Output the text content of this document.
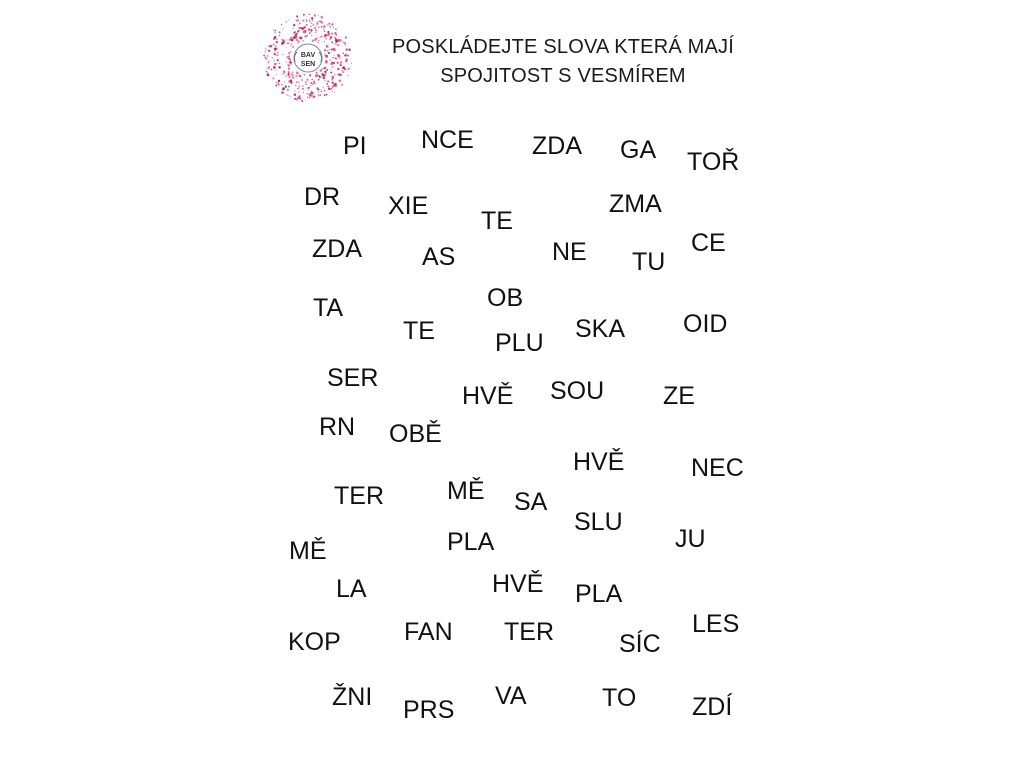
BAV
SEN
POSKLÁDEJTE SLOVA KTERÁ MAJÍ
SPOJITOST S VESMÍREM
PI NCE ZDA GA TOŘ
DR XIE
TE
ZMA
ZDA AS	NE TU
CE
TA	OB
TE PLU SKA OID
SER
HVĚ SOU ZE
RN OBĚ
HVĚ	NEC
TER	MĚ SA
SLU
MĚ	PLA	JU
LA	HVĚ PLA
KOP	FAN TER	SÍC
LES
ŽNI PRS VA	TO ZDÍ
